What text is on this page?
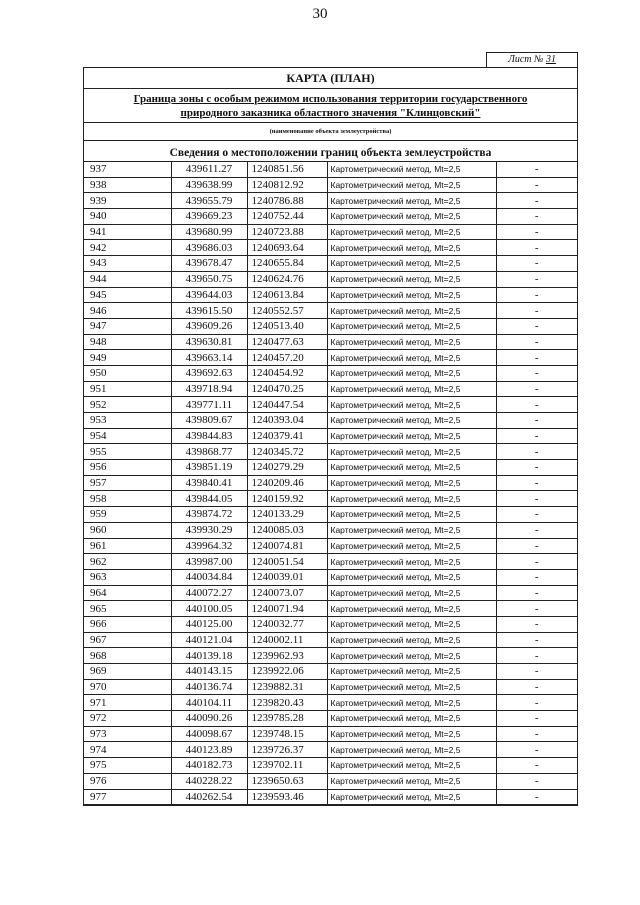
30
Лист № 31
КАРТА (ПЛАН)
Граница зоны с особым режимом использования территории государственного
природного заказника областного значения "Клинцовский"
(наименование объекта землеустройства)
Сведения о местоположении границ объекта землеустройства
937	439611.27	1240851.56	Картометрический метод, Mt=2,5	-
938	439638.99	1240812.92	Картометрический метод, Mt=2,5	-
939	439655.79	1240786.88	Картометрический метод, Mt=2,5	-
940	439669.23	1240752.44	Картометрический метод, Mt=2,5	-
941	439680.99	1240723.88	Картометрический метод, Mt=2,5	-
942	439686.03	1240693.64	Картометрический метод, Mt=2,5	-
943	439678.47	1240655.84	Картометрический метод, Mt=2,5	-
944	439650.75	1240624.76	Картометрический метод, Mt=2,5	-
945	439644.03	1240613.84	Картометрический метод, Mt=2,5	-
946	439615.50	1240552.57	Картометрический метод, Mt=2,5	-
947	439609.26	1240513.40	Картометрический метод, Mt=2,5	-
948	439630.81	1240477.63	Картометрический метод, Mt=2,5	-
949	439663.14	1240457.20	Картометрический метод, Mt=2,5	-
950	439692.63	1240454.92	Картометрический метод, Mt=2,5	-
951	439718.94	1240470.25	Картометрический метод, Mt=2,5	-
952	439771.11	1240447.54	Картометрический метод, Mt=2,5	-
953	439809.67	1240393.04	Картометрический метод, Mt=2,5	-
954	439844.83	1240379.41	Картометрический метод, Mt=2,5	-
955	439868.77	1240345.72	Картометрический метод, Mt=2,5	-
956	439851.19	1240279.29	Картометрический метод, Mt=2,5	-
957	439840.41	1240209.46	Картометрический метод, Mt=2,5	-
958	439844.05	1240159.92	Картометрический метод, Mt=2,5	-
959	439874.72	1240133.29	Картометрический метод, Mt=2,5	-
960	439930.29	1240085.03	Картометрический метод, Mt=2,5	-
961	439964.32	1240074.81	Картометрический метод, Mt=2,5	-
962	439987.00	1240051.54	Картометрический метод, Mt=2,5	-
963	440034.84	1240039.01	Картометрический метод, Mt=2,5	-
964	440072.27	1240073.07	Картометрический метод, Mt=2,5	-
965	440100.05	1240071.94	Картометрический метод, Mt=2,5	-
966	440125.00	1240032.77	Картометрический метод, Mt=2,5	-
967	440121.04	1240002.11	Картометрический метод, Mt=2,5	-
968	440139.18	1239962.93	Картометрический метод, Mt=2,5	-
969	440143.15	1239922.06	Картометрический метод, Mt=2,5	-
970	440136.74	1239882.31	Картометрический метод, Mt=2,5	-
971	440104.11	1239820.43	Картометрический метод, Mt=2,5	-
972	440090.26	1239785.28	Картометрический метод, Mt=2,5	-
973	440098.67	1239748.15	Картометрический метод, Mt=2,5	-
974	440123.89	1239726.37	Картометрический метод, Mt=2,5	-
975	440182.73	1239702.11	Картометрический метод, Mt=2,5	-
976	440228.22	1239650.63	Картометрический метод, Mt=2,5	-
977	440262.54	1239593.46	Картометрический метод, Mt=2,5	-
